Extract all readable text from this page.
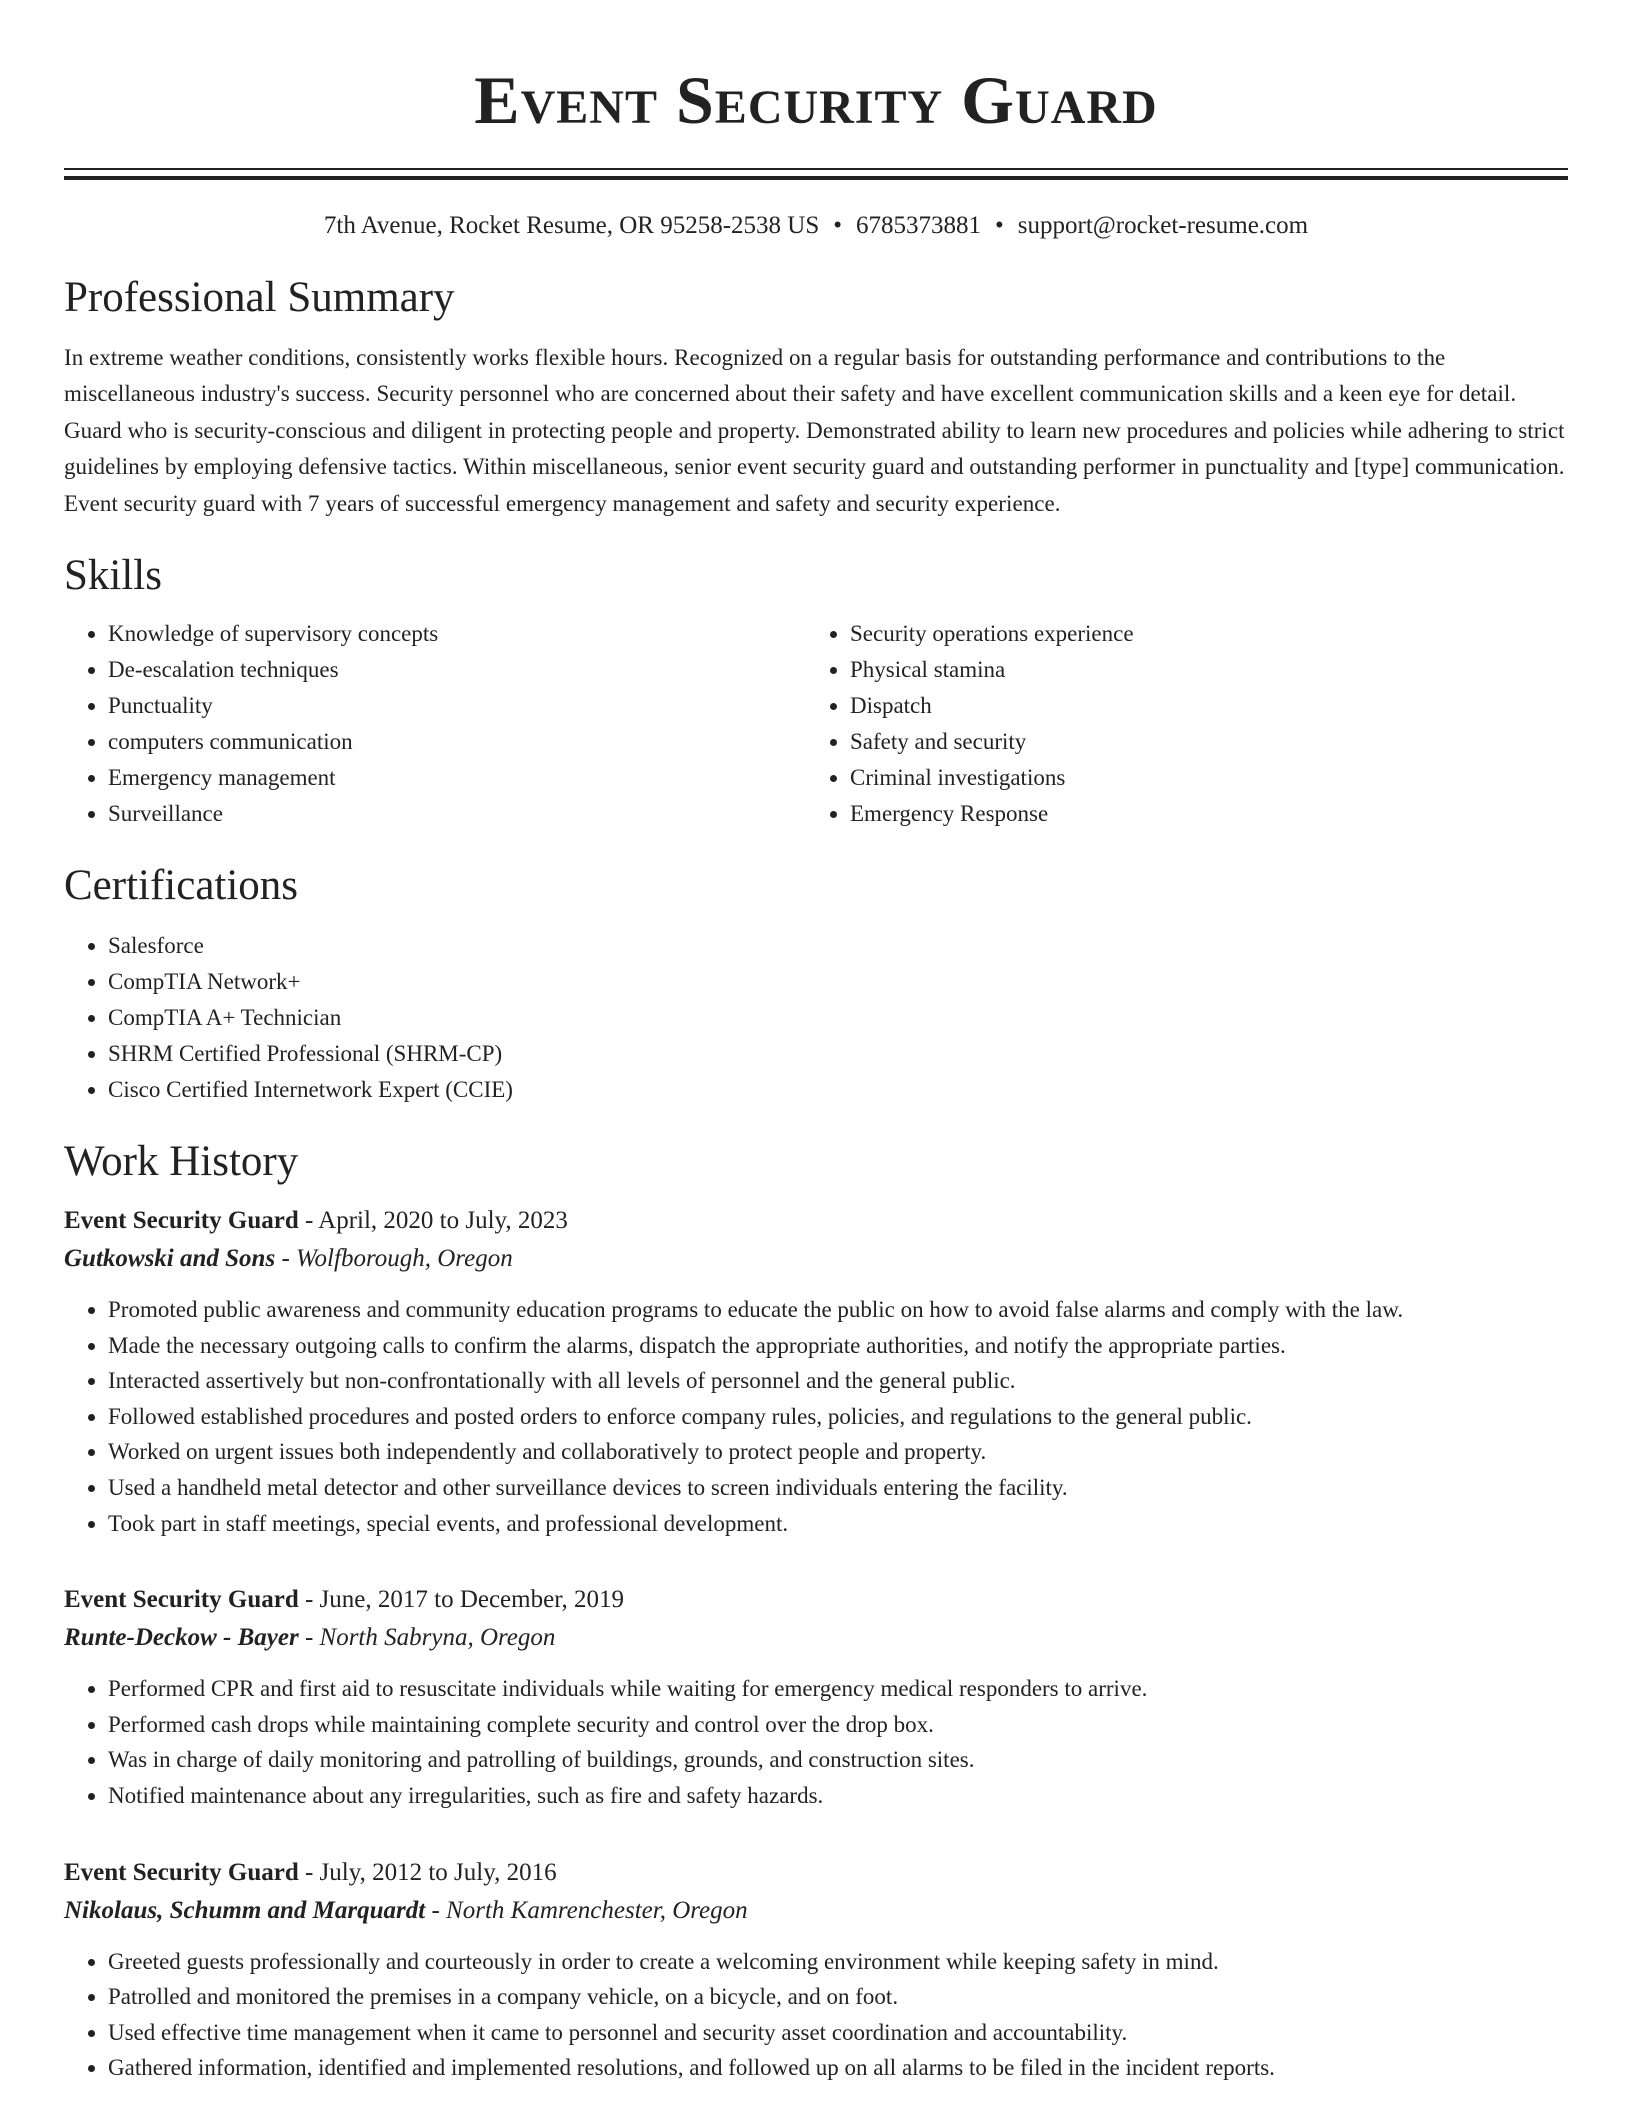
Event Security Guard
7th Avenue, Rocket Resume, OR 95258-2538 US • 6785373881 • support@rocket-resume.com
Professional Summary
In extreme weather conditions, consistently works flexible hours. Recognized on a regular basis for outstanding performance and contributions to the miscellaneous industry's success. Security personnel who are concerned about their safety and have excellent communication skills and a keen eye for detail. Guard who is security-conscious and diligent in protecting people and property. Demonstrated ability to learn new procedures and policies while adhering to strict guidelines by employing defensive tactics. Within miscellaneous, senior event security guard and outstanding performer in punctuality and [type] communication. Event security guard with 7 years of successful emergency management and safety and security experience.
Skills
• Knowledge of supervisory concepts
• De-escalation techniques
• Punctuality
• computers communication
• Emergency management
• Surveillance
• Security operations experience
• Physical stamina
• Dispatch
• Safety and security
• Criminal investigations
• Emergency Response
Certifications
• Salesforce
• CompTIA Network+
• CompTIA A+ Technician
• SHRM Certified Professional (SHRM-CP)
• Cisco Certified Internetwork Expert (CCIE)
Work History
Event Security Guard - April, 2020 to July, 2023
Gutkowski and Sons - Wolfborough, Oregon
• Promoted public awareness and community education programs to educate the public on how to avoid false alarms and comply with the law.
• Made the necessary outgoing calls to confirm the alarms, dispatch the appropriate authorities, and notify the appropriate parties.
• Interacted assertively but non-confrontationally with all levels of personnel and the general public.
• Followed established procedures and posted orders to enforce company rules, policies, and regulations to the general public.
• Worked on urgent issues both independently and collaboratively to protect people and property.
• Used a handheld metal detector and other surveillance devices to screen individuals entering the facility.
• Took part in staff meetings, special events, and professional development.
Event Security Guard - June, 2017 to December, 2019
Runte-Deckow - Bayer - North Sabryna, Oregon
• Performed CPR and first aid to resuscitate individuals while waiting for emergency medical responders to arrive.
• Performed cash drops while maintaining complete security and control over the drop box.
• Was in charge of daily monitoring and patrolling of buildings, grounds, and construction sites.
• Notified maintenance about any irregularities, such as fire and safety hazards.
Event Security Guard - July, 2012 to July, 2016
Nikolaus, Schumm and Marquardt - North Kamrenchester, Oregon
• Greeted guests professionally and courteously in order to create a welcoming environment while keeping safety in mind.
• Patrolled and monitored the premises in a company vehicle, on a bicycle, and on foot.
• Used effective time management when it came to personnel and security asset coordination and accountability.
• Gathered information, identified and implemented resolutions, and followed up on all alarms to be filed in the incident reports.
